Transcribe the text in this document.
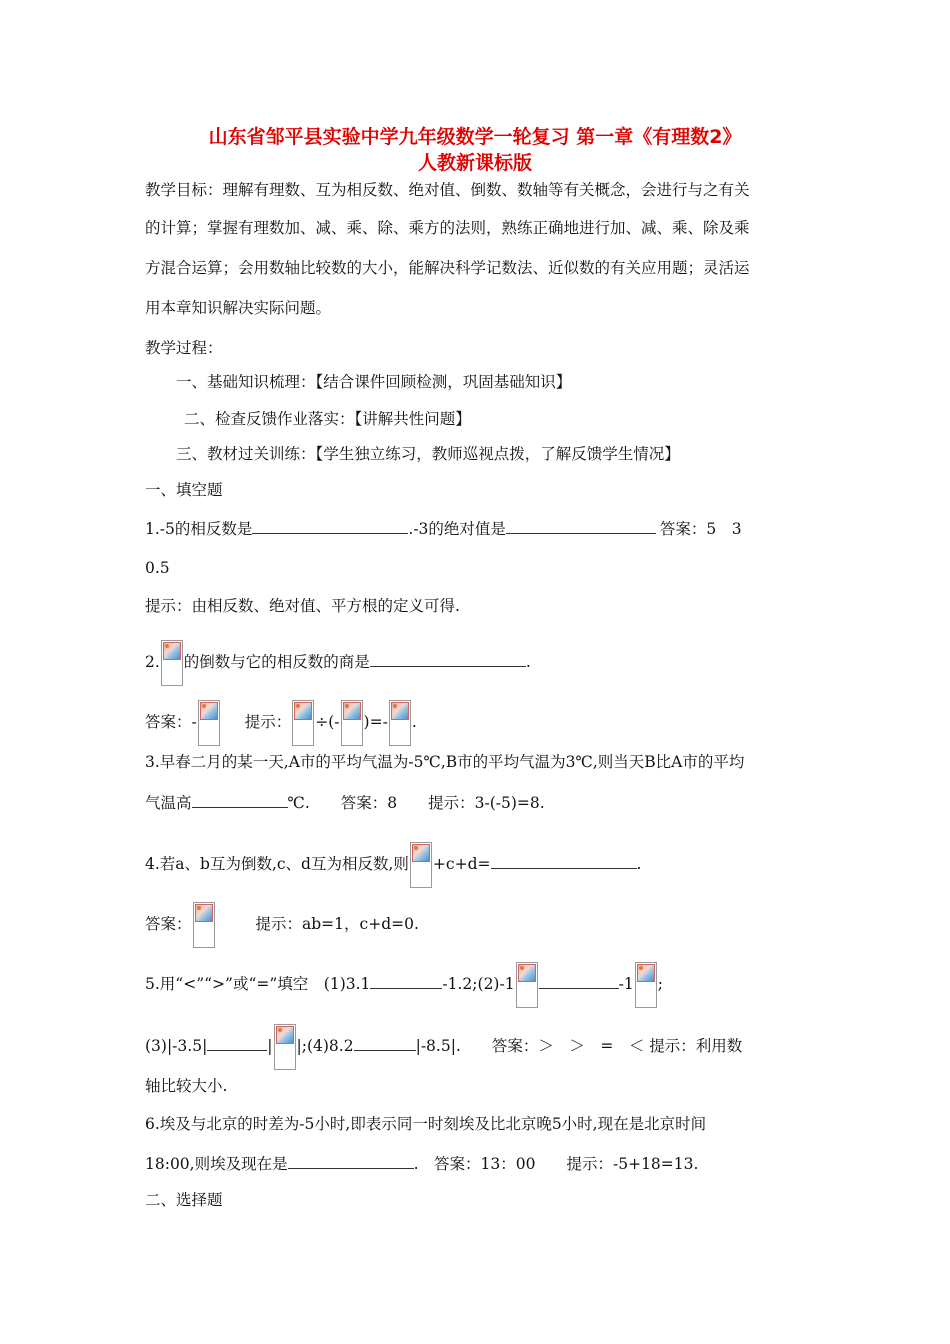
山东省邹平县实验中学九年级数学一轮复习 第一章《有理数2》
人教新课标版
教学目标：理解有理数、互为相反数、绝对值、倒数、数轴等有关概念，会进行与之有关
的计算；掌握有理数加、减、乘、除、乘方的法则，熟练正确地进行加、减、乘、除及乘
方混合运算；会用数轴比较数的大小，能解决科学记数法、近似数的有关应用题；灵活运
用本章知识解决实际问题。
教学过程：
一、基础知识梳理：【结合课件回顾检测，巩固基础知识】
二、检查反馈作业落实：【讲解共性问题】
三、教材过关训练：【学生独立练习，教师巡视点拨，了解反馈学生情况】
一、填空题
1.-5的相反数是	.-3的绝对值是	答案：5　3
0.5
提示：由相反数、绝对值、平方根的定义可得.
2. 的倒数与它的相反数的商是	.
答案：-	提示： ÷(- )=- .
3.早春二月的某一天,A市的平均气温为-5℃,B市的平均气温为3℃,则当天B比A市的平均
气温高	℃.　　答案：8　　提示：3-(-5)=8.
4.若a、b互为倒数,c、d互为相反数,则 +c+d=	.
答案：	提示：ab=1，c+d=0.
5.用“<”“>”或“=”填空　(1)3.1	-1.2;(2)-1	-1 ;
(3)|-3.5|	| |;(4)8.2	|-8.5|.　　答案：＞　＞　=　＜ 提示：利用数
轴比较大小.
6.埃及与北京的时差为-5小时,即表示同一时刻埃及比北京晚5小时,现在是北京时间
18:00,则埃及现在是	.　答案：13：00　　提示：-5+18=13.
二、选择题
